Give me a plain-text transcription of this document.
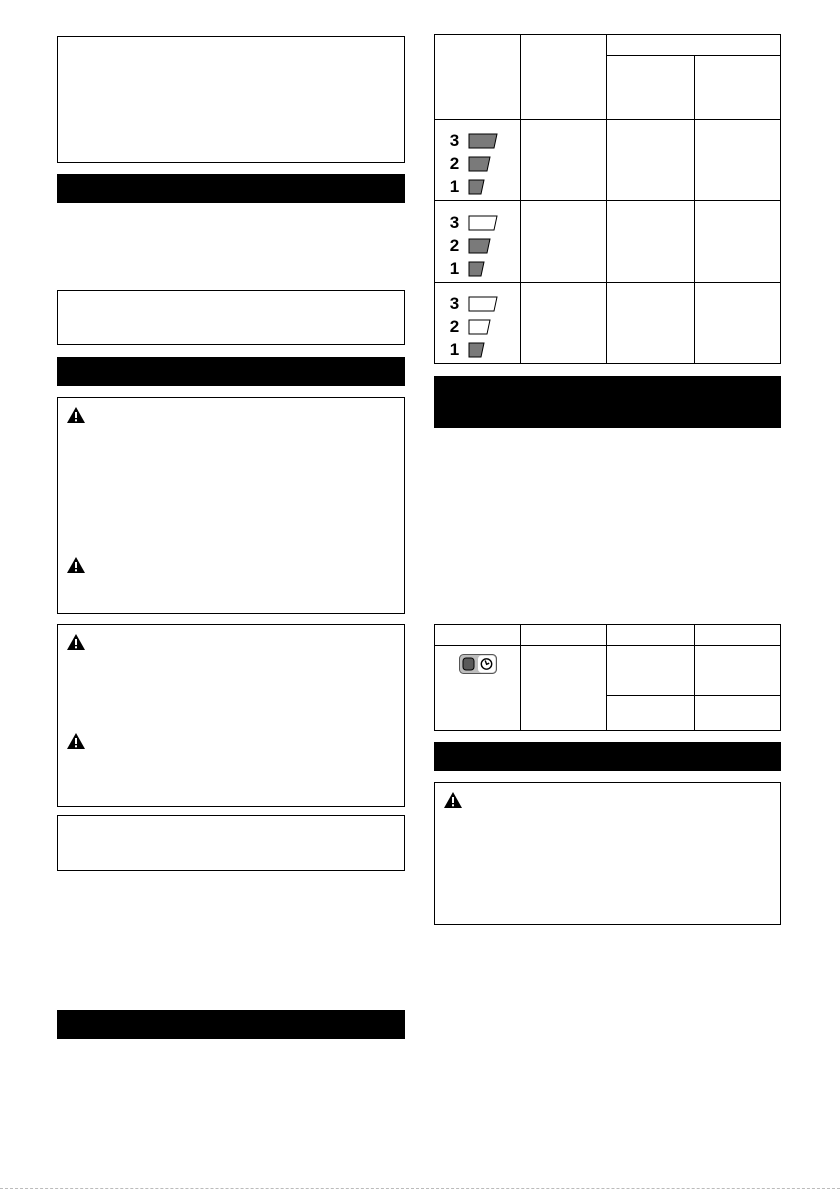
3
2
1			

3
2
1			

3
2
1			
